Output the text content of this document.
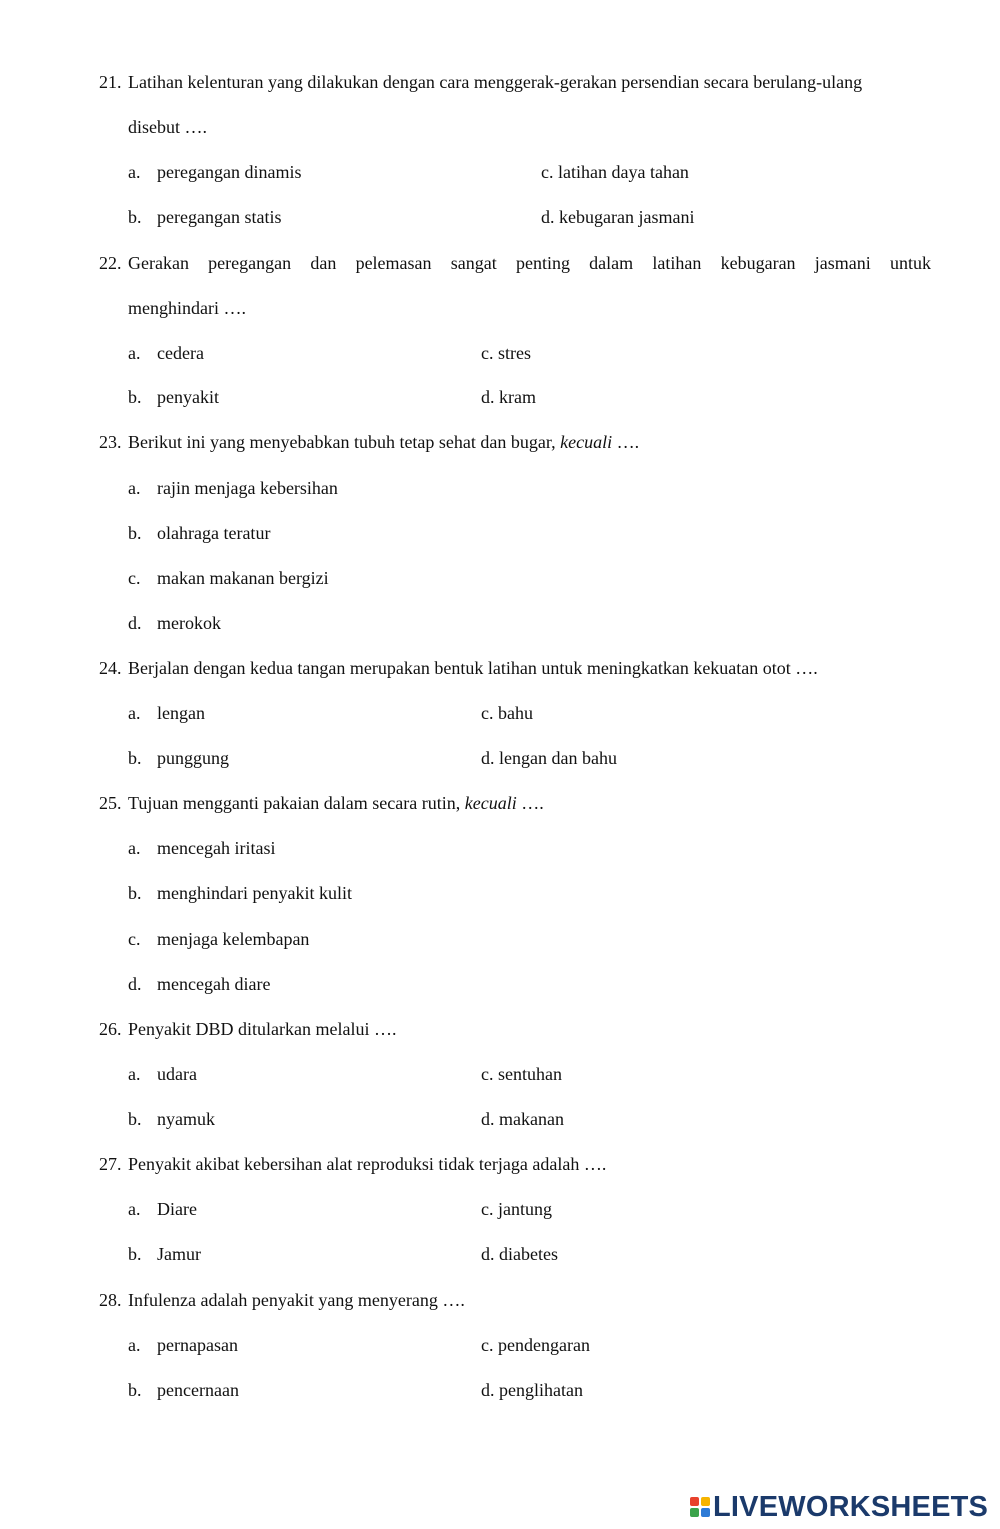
21. Latihan kelenturan yang dilakukan dengan cara menggerak-gerakan persendian secara berulang-ulang
disebut ….
a. peregangan dinamis
b. peregangan statis
c. latihan daya tahan
d. kebugaran jasmani
22. Gerakan peregangan dan pelemasan sangat penting dalam latihan kebugaran jasmani untuk
menghindari ….
a. cedera
b. penyakit
c. stres
d. kram
23. Berikut ini yang menyebabkan tubuh tetap sehat dan bugar, kecuali ….
a. rajin menjaga kebersihan
b. olahraga teratur
c. makan makanan bergizi
d. merokok
24. Berjalan dengan kedua tangan merupakan bentuk latihan untuk meningkatkan kekuatan otot ….
a. lengan
b. punggung
c. bahu
d. lengan dan bahu
25. Tujuan mengganti pakaian dalam secara rutin, kecuali ….
a. mencegah iritasi
b. menghindari penyakit kulit
c. menjaga kelembapan
d. mencegah diare
26. Penyakit DBD ditularkan melalui ….
a. udara
b. nyamuk
c. sentuhan
d. makanan
27. Penyakit akibat kebersihan alat reproduksi tidak terjaga adalah ….
a. Diare
b. Jamur
c. jantung
d. diabetes
28. Infulenza adalah penyakit yang menyerang ….
a. pernapasan
b. pencernaan
c. pendengaran
d. penglihatan
LIVEWORKSHEETS
